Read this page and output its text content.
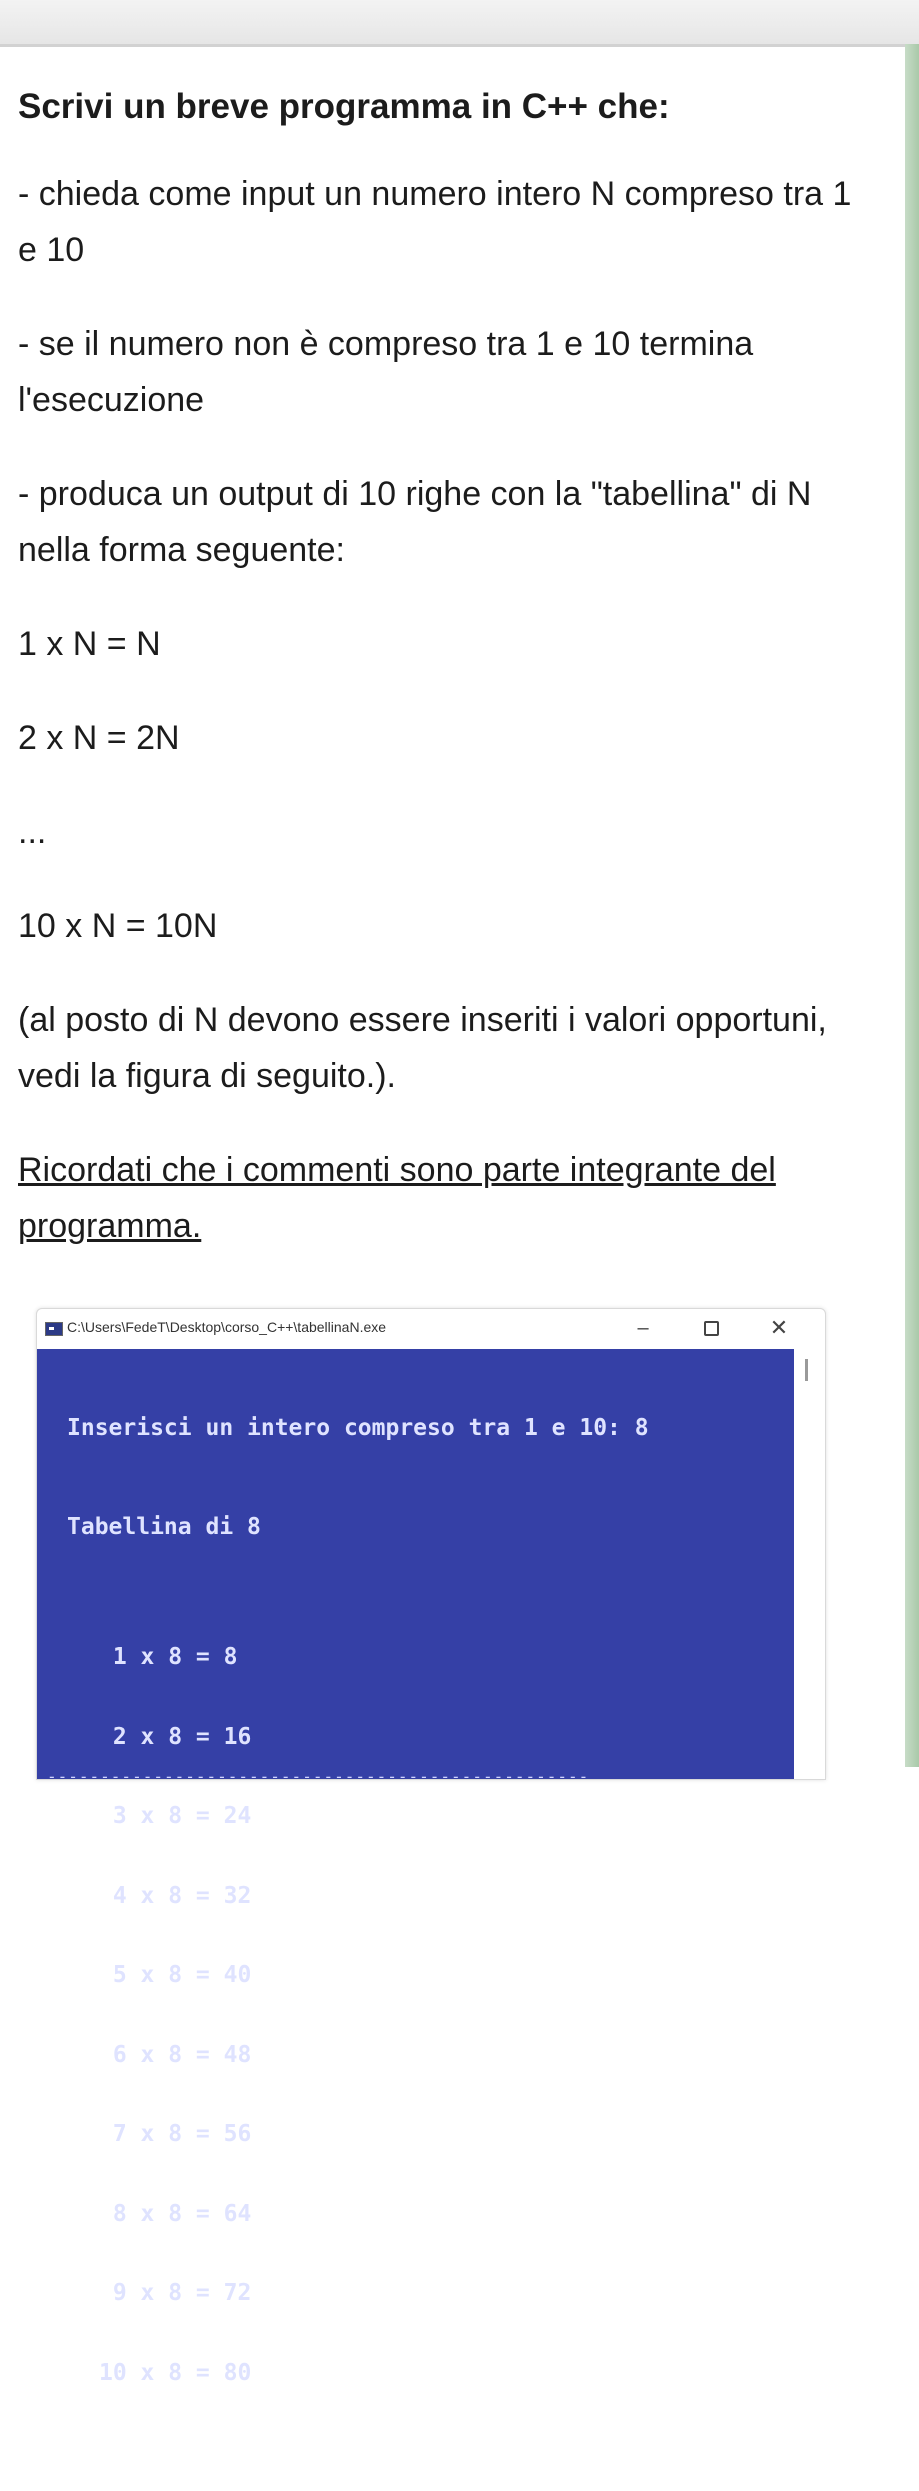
Scrivi un breve programma in C++ che:
- chieda come input un numero intero N compreso tra 1 e 10
- se il numero non è compreso tra 1 e 10 termina l'esecuzione
- produca un output di 10 righe con la "tabellina" di N nella forma seguente:
1 x N = N
2 x N = 2N
...
10 x N = 10N
(al posto di N devono essere inseriti i valori opportuni, vedi la figura di seguito.).
Ricordati che i commenti sono parte integrante del programma.
C:\Users\FedeT\Desktop\corso_C++\tabellinaN.exe	–	✕

Inserisci un intero compreso tra 1 e 10: 8

Tabellina di 8

1 x 8 = 8

2 x 8 = 16

3 x 8 = 24

4 x 8 = 32

5 x 8 = 40

6 x 8 = 48

7 x 8 = 56

8 x 8 = 64

9 x 8 = 72

10 x 8 = 80

---------------------------------------------------
